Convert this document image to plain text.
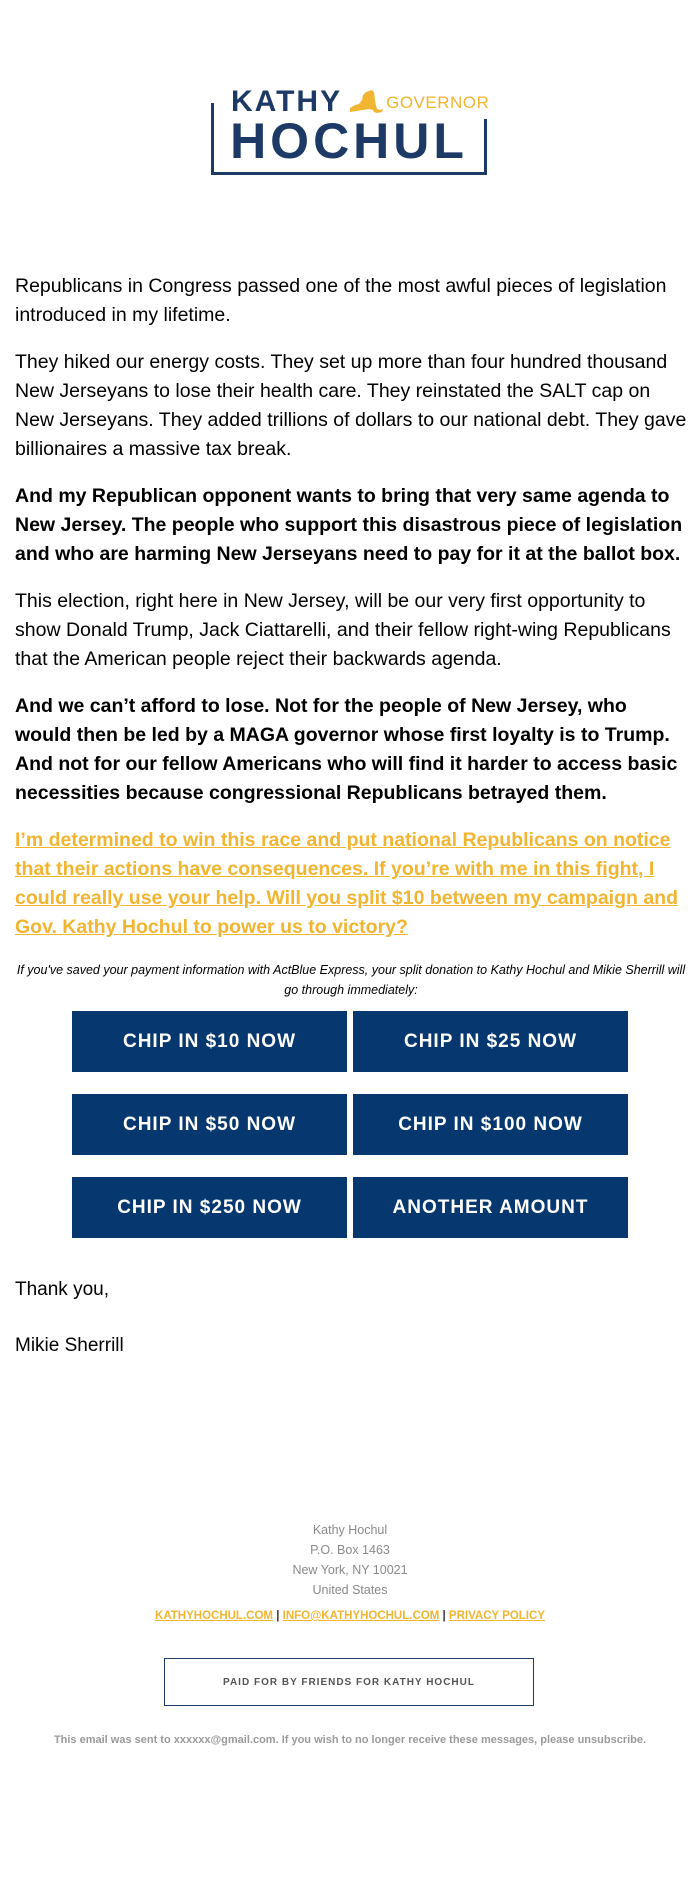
KATHY	GOVERNOR
HOCHUL

Republicans in Congress passed one of the most awful pieces of legislation introduced in my lifetime.

They hiked our energy costs. They set up more than four hundred thousand New Jerseyans to lose their health care. They reinstated the SALT cap on New Jerseyans. They added trillions of dollars to our national debt. They gave billionaires a massive tax break.

And my Republican opponent wants to bring that very same agenda to New Jersey. The people who support this disastrous piece of legislation and who are harming New Jerseyans need to pay for it at the ballot box.

This election, right here in New Jersey, will be our very first opportunity to show Donald Trump, Jack Ciattarelli, and their fellow right-wing Republicans that the American people reject their backwards agenda.

And we can’t afford to lose. Not for the people of New Jersey, who would then be led by a MAGA governor whose first loyalty is to Trump. And not for our fellow Americans who will find it harder to access basic necessities because congressional Republicans betrayed them.

I’m determined to win this race and put national Republicans on notice that their actions have consequences. If you’re with me in this fight, I could really use your help. Will you split $10 between my campaign and Gov. Kathy Hochul to power us to victory?

If you've saved your payment information with ActBlue Express, your split donation to Kathy Hochul and Mikie Sherrill will go through immediately:

CHIP IN $10 NOW	CHIP IN $25 NOW
CHIP IN $50 NOW	CHIP IN $100 NOW
CHIP IN $250 NOW	ANOTHER AMOUNT

Thank you,

Mikie Sherrill

Kathy Hochul
P.O. Box 1463
New York, NY 10021
United States
KATHYHOCHUL.COM | INFO@KATHYHOCHUL.COM | PRIVACY POLICY
PAID FOR BY FRIENDS FOR KATHY HOCHUL
This email was sent to xxxxxx@gmail.com. If you wish to no longer receive these messages, please unsubscribe.
